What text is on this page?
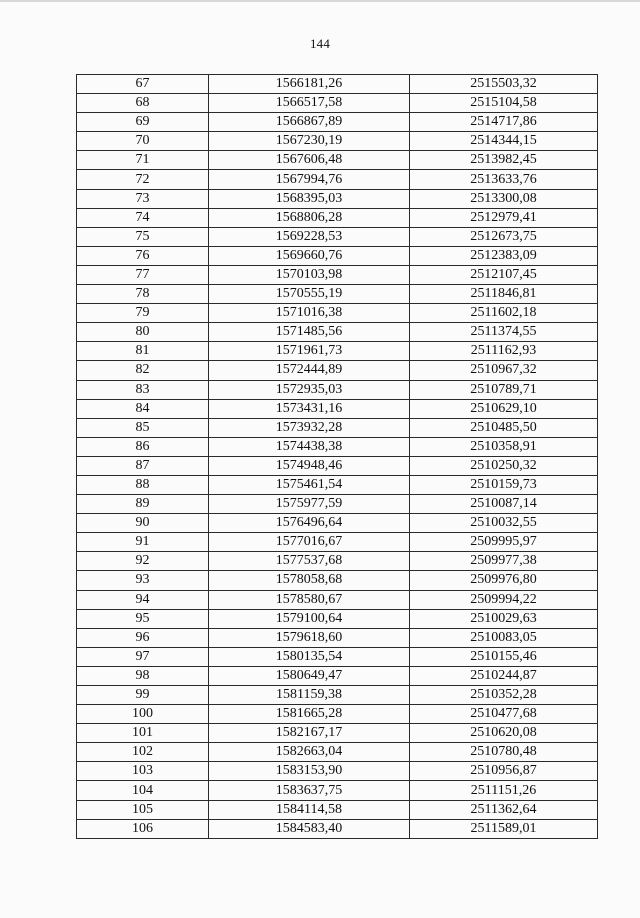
144
67	1566181,26	2515503,32
68	1566517,58	2515104,58
69	1566867,89	2514717,86
70	1567230,19	2514344,15
71	1567606,48	2513982,45
72	1567994,76	2513633,76
73	1568395,03	2513300,08
74	1568806,28	2512979,41
75	1569228,53	2512673,75
76	1569660,76	2512383,09
77	1570103,98	2512107,45
78	1570555,19	2511846,81
79	1571016,38	2511602,18
80	1571485,56	2511374,55
81	1571961,73	2511162,93
82	1572444,89	2510967,32
83	1572935,03	2510789,71
84	1573431,16	2510629,10
85	1573932,28	2510485,50
86	1574438,38	2510358,91
87	1574948,46	2510250,32
88	1575461,54	2510159,73
89	1575977,59	2510087,14
90	1576496,64	2510032,55
91	1577016,67	2509995,97
92	1577537,68	2509977,38
93	1578058,68	2509976,80
94	1578580,67	2509994,22
95	1579100,64	2510029,63
96	1579618,60	2510083,05
97	1580135,54	2510155,46
98	1580649,47	2510244,87
99	1581159,38	2510352,28
100	1581665,28	2510477,68
101	1582167,17	2510620,08
102	1582663,04	2510780,48
103	1583153,90	2510956,87
104	1583637,75	2511151,26
105	1584114,58	2511362,64
106	1584583,40	2511589,01
